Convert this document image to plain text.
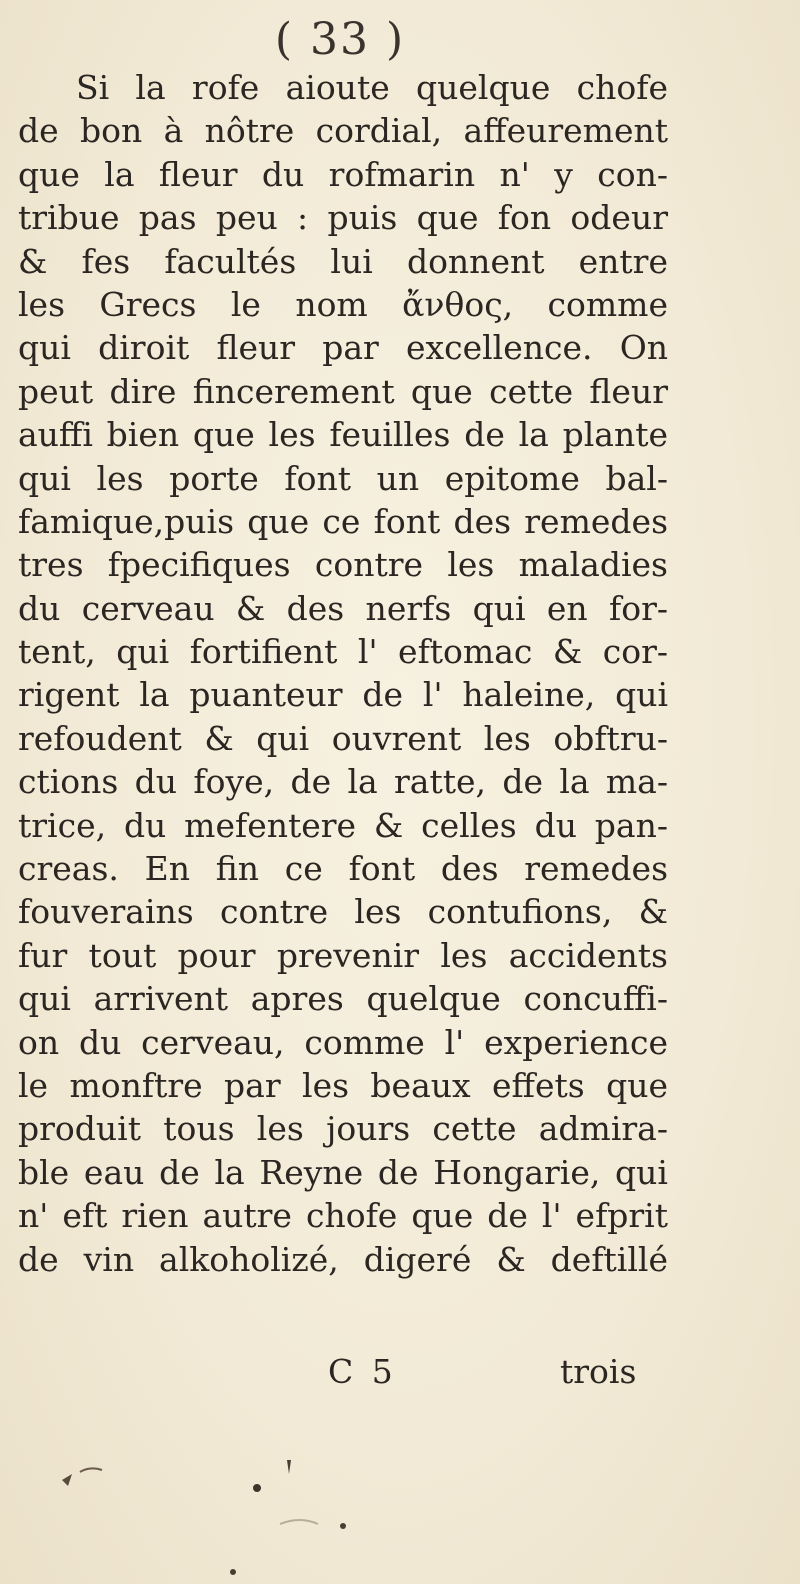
( 33 )
Si la rofe aioute quelque chofe
de bon à nôtre cordial, affeurement
que la fleur du rofmarin n' y con-
tribue pas peu : puis que fon odeur
& fes facultés lui donnent entre
les Grecs le nom ἄνθος, comme
qui diroit fleur par excellence. On
peut dire fincerement que cette fleur
auffi bien que les feuilles de la plante
qui les porte font un epitome bal-
famique,puis que ce font des remedes
tres fpecifiques contre les maladies
du cerveau & des nerfs qui en for-
tent, qui fortifient l' eftomac & cor-
rigent la puanteur de l' haleine, qui
refoudent & qui ouvrent les obftru-
ctions du foye, de la ratte, de la ma-
trice, du mefentere & celles du pan-
creas. En fin ce font des remedes
fouverains contre les contufions, &
fur tout pour prevenir les accidents
qui arrivent apres quelque concuffi-
on du cerveau, comme l' experience
le monftre par les beaux effets que
produit tous les jours cette admira-
ble eau de la Reyne de Hongarie, qui
n' eft rien autre chofe que de l' efprit
de vin alkoholizé, digeré & deftillé
C 5	trois
